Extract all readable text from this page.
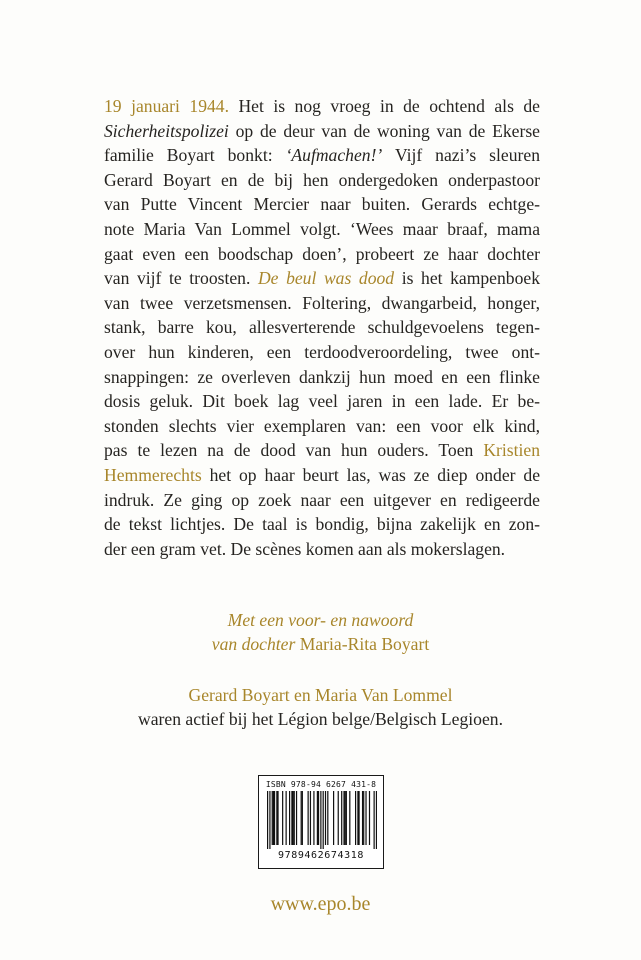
19 januari 1944. Het is nog vroeg in de ochtend als de
Sicherheitspolizei op de deur van de woning van de Ekerse
familie Boyart bonkt: ‘Aufmachen!’ Vijf nazi’s sleuren
Gerard Boyart en de bij hen ondergedoken onderpastoor
van Putte Vincent Mercier naar buiten. Gerards echtge-
note Maria Van Lommel volgt. ‘Wees maar braaf, mama
gaat even een boodschap doen’, probeert ze haar dochter
van vijf te troosten. De beul was dood is het kampenboek
van twee verzetsmensen. Foltering, dwangarbeid, honger,
stank, barre kou, allesverterende schuldgevoelens tegen-
over hun kinderen, een terdoodveroordeling, twee ont-
snappingen: ze overleven dankzij hun moed en een flinke
dosis geluk. Dit boek lag veel jaren in een lade. Er be-
stonden slechts vier exemplaren van: een voor elk kind,
pas te lezen na de dood van hun ouders. Toen Kristien
Hemmerechts het op haar beurt las, was ze diep onder de
indruk. Ze ging op zoek naar een uitgever en redigeerde
de tekst lichtjes. De taal is bondig, bijna zakelijk en zon-
der een gram vet. De scènes komen aan als mokerslagen.
Met een voor- en nawoord
van dochter Maria-Rita Boyart
Gerard Boyart en Maria Van Lommel
waren actief bij het Légion belge/Belgisch Legioen.
ISBN 978-94 6267 431-8
9789462674318
www.epo.be
